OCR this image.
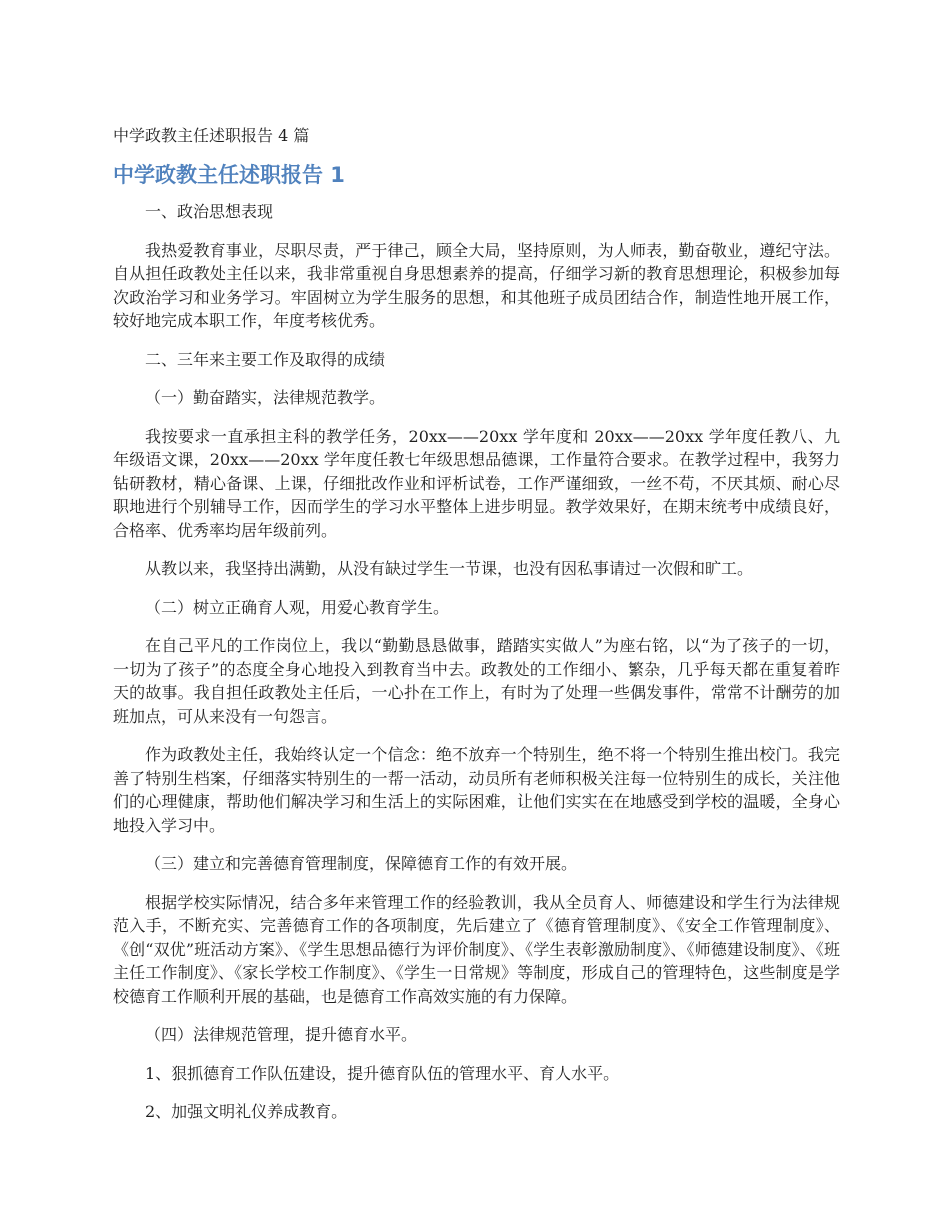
中学政教主任述职报告 4 篇
中学政教主任述职报告 1

一、政治思想表现

我热爱教育事业，尽职尽责，严于律己，顾全大局，坚持原则，为人师表，勤奋敬业，遵纪守法。自从担任政教处主任以来，我非常重视自身思想素养的提高，仔细学习新的教育思想理论，积极参加每次政治学习和业务学习。牢固树立为学生服务的思想，和其他班子成员团结合作，制造性地开展工作，较好地完成本职工作，年度考核优秀。

二、三年来主要工作及取得的成绩

（一）勤奋踏实，法律规范教学。

我按要求一直承担主科的教学任务，20xx——20xx 学年度和 20xx——20xx 学年度任教八、九年级语文课，20xx——20xx 学年度任教七年级思想品德课，工作量符合要求。在教学过程中，我努力钻研教材，精心备课、上课，仔细批改作业和评析试卷，工作严谨细致，一丝不苟，不厌其烦、耐心尽职地进行个别辅导工作，因而学生的学习水平整体上进步明显。教学效果好，在期末统考中成绩良好，合格率、优秀率均居年级前列。

从教以来，我坚持出满勤，从没有缺过学生一节课，也没有因私事请过一次假和旷工。

（二）树立正确育人观，用爱心教育学生。

在自己平凡的工作岗位上，我以“勤勤恳恳做事，踏踏实实做人”为座右铭，以“为了孩子的一切，一切为了孩子”的态度全身心地投入到教育当中去。政教处的工作细小、繁杂，几乎每天都在重复着昨天的故事。我自担任政教处主任后，一心扑在工作上，有时为了处理一些偶发事件，常常不计酬劳的加班加点，可从来没有一句怨言。

作为政教处主任，我始终认定一个信念：绝不放弃一个特别生，绝不将一个特别生推出校门。我完善了特别生档案，仔细落实特别生的一帮一活动，动员所有老师积极关注每一位特别生的成长，关注他们的心理健康，帮助他们解决学习和生活上的实际困难，让他们实实在在地感受到学校的温暖，全身心地投入学习中。

（三）建立和完善德育管理制度，保障德育工作的有效开展。

根据学校实际情况，结合多年来管理工作的经验教训，我从全员育人、师德建设和学生行为法律规范入手，不断充实、完善德育工作的各项制度，先后建立了《德育管理制度》、《安全工作管理制度》、《创“双优”班活动方案》、《学生思想品德行为评价制度》、《学生表彰激励制度》、《师德建设制度》、《班主任工作制度》、《家长学校工作制度》、《学生一日常规》等制度，形成自己的管理特色，这些制度是学校德育工作顺利开展的基础，也是德育工作高效实施的有力保障。

（四）法律规范管理，提升德育水平。

1、狠抓德育工作队伍建设，提升德育队伍的管理水平、育人水平。

2、加强文明礼仪养成教育。
